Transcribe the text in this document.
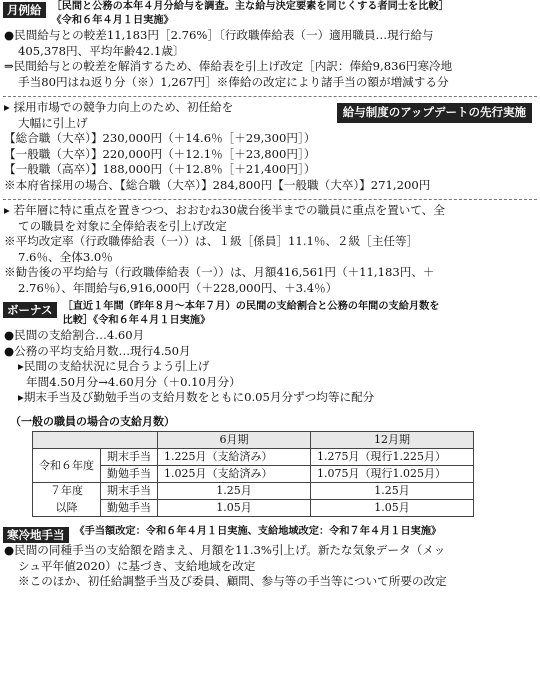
月例給 ［民間と公務の本年４月分給与を調査。主な給与決定要素を同じくする者同士を比較］
《令和６年４月１日実施》
●民間給与との較差11,183円［2.76%］〔行政職俸給表（一）適用職員…現行給与
405,378円、平均年齢42.1歳〕
⇒民間給与との較差を解消するため、俸給表を引上げ改定［内訳：俸給9,836円寒冷地
手当80円はね返り分（※）1,267円］※俸給の改定により諸手当の額が増減する分
給与制度のアップデートの先行実施
▸ 採用市場での競争力向上のため、初任給を
大幅に引上げ
【総合職（大卒）】230,000円（＋14.6％［＋29,300円］）
【一般職（大卒）】220,000円（＋12.1％［＋23,800円］）
【一般職（高卒）】188,000円（＋12.8％［＋21,400円］）
※本府省採用の場合、【総合職（大卒）】284,800円【一般職（大卒）】271,200円
▸ 若年層に特に重点を置きつつ、おおむね30歳台後半までの職員に重点を置いて、全
ての職員を対象に全俸給表を引上げ改定
※平均改定率（行政職俸給表（一））は、１級［係員］11.1％、２級［主任等］
7.6％、全体3.0％
※勧告後の平均給与（行政職俸給表（一））は、月額416,561円（＋11,183円、＋
2.76％）、年間給与6,916,000円（＋228,000円、＋3.4％）
ボーナス ［直近１年間（昨年８月〜本年７月）の民間の支給割合と公務の年間の支給月数を
比較］《令和６年４月１日実施》
●民間の支給割合…4.60月
●公務の平均支給月数…現行4.50月
▸民間の支給状況に見合うよう引上げ
年間4.50月分→4.60月分（＋0.10月分）
▸期末手当及び勤勉手当の支給月数をともに0.05月分ずつ均等に配分
（一般の職員の場合の支給月数）
		6月期	12月期
令和６年度	期末手当	1.225月（支給済み）	1.275月（現行1.225月）
	勤勉手当	1.025月（支給済み）	1.075月（現行1.025月）
７年度	期末手当	1.25月	1.25月
以降	勤勉手当	1.05月	1.05月
寒冷地手当 《手当額改定：令和６年４月１日実施、支給地域改定：令和７年４月１日実施》
●民間の同種手当の支給額を踏まえ、月額を11.3%引上げ。新たな気象データ（メッ
シュ平年値2020）に基づき、支給地域を改定
※このほか、初任給調整手当及び委員、顧問、参与等の手当等について所要の改定
